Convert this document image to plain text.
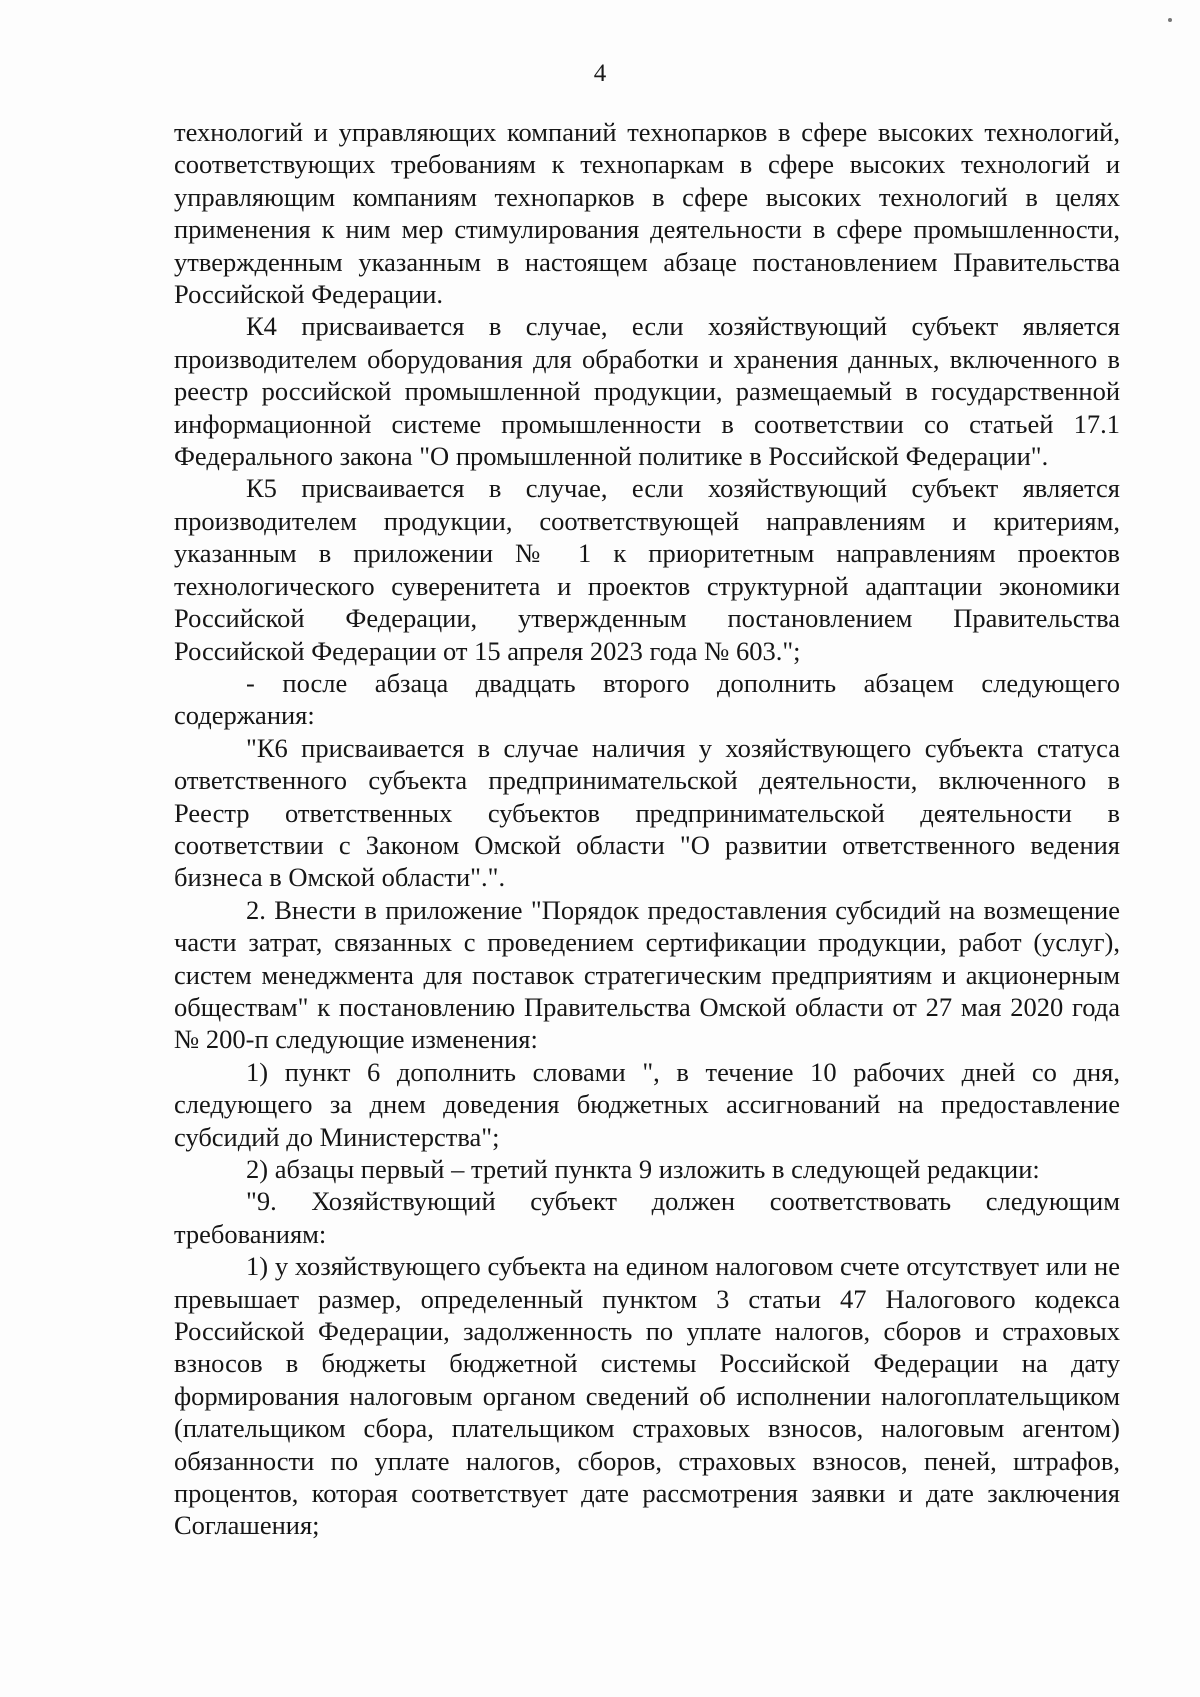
4

технологий и управляющих компаний технопарков в сфере высоких технологий, соответствующих требованиям к технопаркам в сфере высоких технологий и управляющим компаниям технопарков в сфере высоких технологий в целях применения к ним мер стимулирования деятельности в сфере промышленности, утвержденным указанным в настоящем абзаце постановлением Правительства Российской Федерации.

К4 присваивается в случае, если хозяйствующий субъект является производителем оборудования для обработки и хранения данных, включенного в реестр российской промышленной продукции, размещаемый в государственной информационной системе промышленности в соответствии со статьей 17.1 Федерального закона "О промышленной политике в Российской Федерации".

К5 присваивается в случае, если хозяйствующий субъект является производителем продукции, соответствующей направлениям и критериям, указанным в приложении № 1 к приоритетным направлениям проектов технологического суверенитета и проектов структурной адаптации экономики Российской Федерации, утвержденным постановлением Правительства Российской Федерации от 15 апреля 2023 года № 603.";

- после абзаца двадцать второго дополнить абзацем следующего содержания:

"К6 присваивается в случае наличия у хозяйствующего субъекта статуса ответственного субъекта предпринимательской деятельности, включенного в Реестр ответственных субъектов предпринимательской деятельности в соответствии с Законом Омской области "О развитии ответственного ведения бизнеса в Омской области".".

2. Внести в приложение "Порядок предоставления субсидий на возмещение части затрат, связанных с проведением сертификации продукции, работ (услуг), систем менеджмента для поставок стратегическим предприятиям и акционерным обществам" к постановлению Правительства Омской области от 27 мая 2020 года № 200-п следующие изменения:

1) пункт 6 дополнить словами ", в течение 10 рабочих дней со дня, следующего за днем доведения бюджетных ассигнований на предоставление субсидий до Министерства";

2) абзацы первый – третий пункта 9 изложить в следующей редакции:

"9. Хозяйствующий субъект должен соответствовать следующим требованиям:

1) у хозяйствующего субъекта на едином налоговом счете отсутствует или не превышает размер, определенный пунктом 3 статьи 47 Налогового кодекса Российской Федерации, задолженность по уплате налогов, сборов и страховых взносов в бюджеты бюджетной системы Российской Федерации на дату формирования налоговым органом сведений об исполнении налогоплательщиком (плательщиком сбора, плательщиком страховых взносов, налоговым агентом) обязанности по уплате налогов, сборов, страховых взносов, пеней, штрафов, процентов, которая соответствует дате рассмотрения заявки и дате заключения Соглашения;
